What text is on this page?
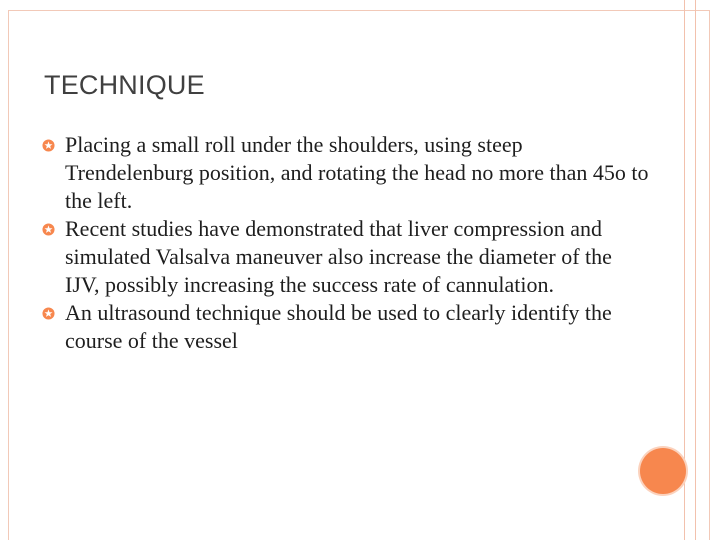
TECHNIQUE
Placing a small roll under the shoulders, using steep Trendelenburg position, and rotating the head no more than 45o to the left.
Recent studies have demonstrated that liver compression and simulated Valsalva maneuver also increase the diameter of the IJV, possibly increasing the success rate of cannulation.
An ultrasound technique should be used to clearly identify the course of the vessel
